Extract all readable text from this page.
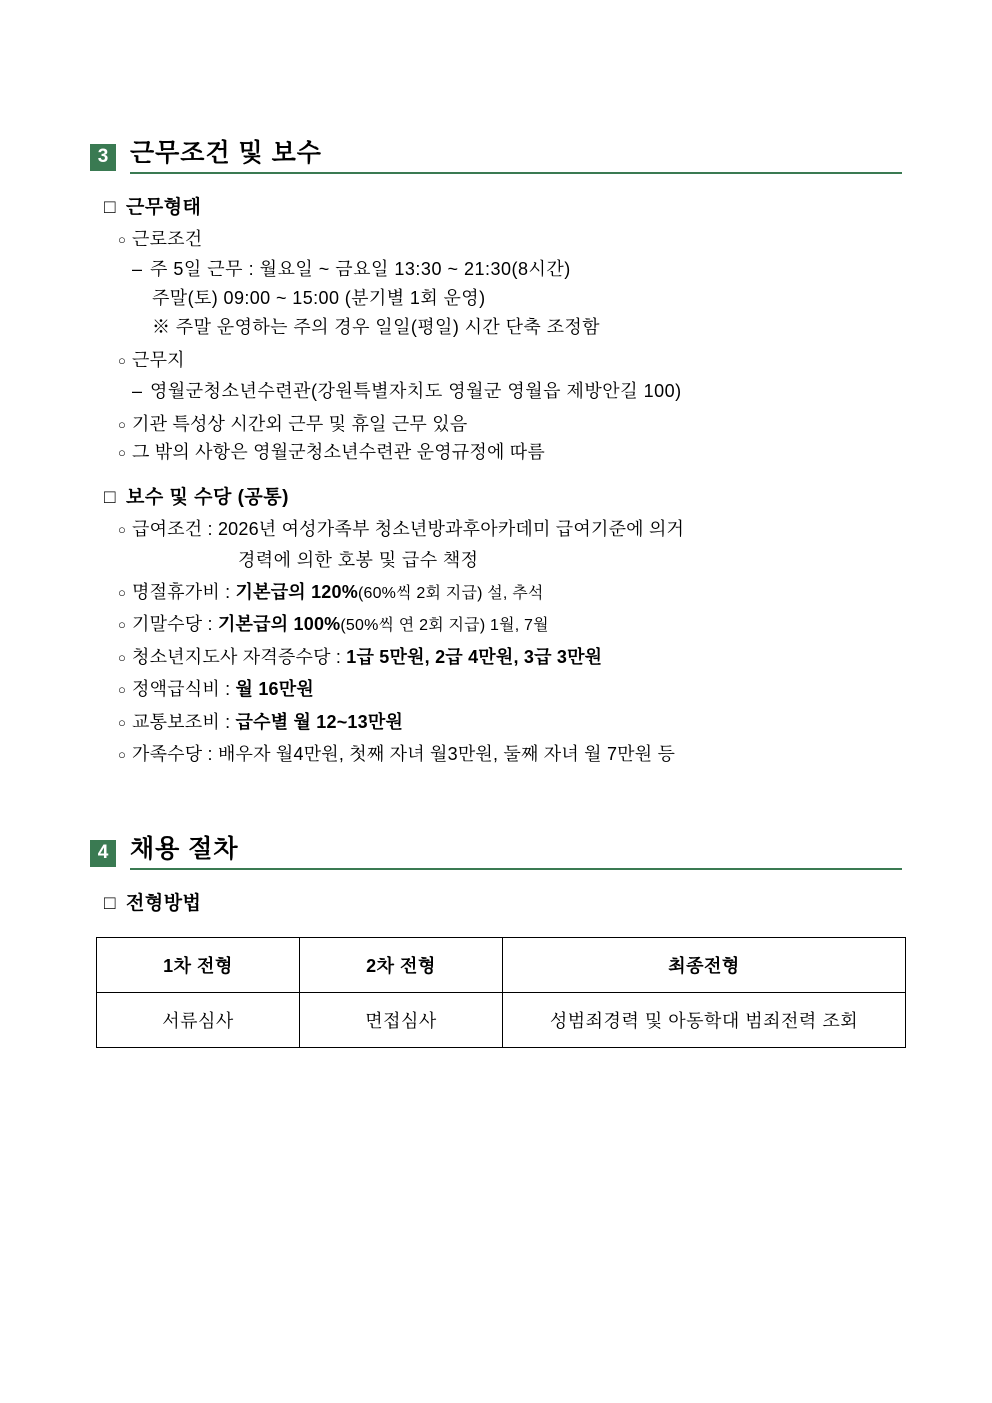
3 근무조건 및 보수
□ 근무형태
○ 근로조건
– 주 5일 근무 : 월요일 ~ 금요일 13:30 ~ 21:30(8시간)
주말(토) 09:00 ~ 15:00 (분기별 1회 운영)
※ 주말 운영하는 주의 경우 일일(평일) 시간 단축 조정함
○ 근무지
– 영월군청소년수련관(강원특별자치도 영월군 영월읍 제방안길 100)
○ 기관 특성상 시간외 근무 및 휴일 근무 있음
○ 그 밖의 사항은 영월군청소년수련관 운영규정에 따름
□ 보수 및 수당 (공통)
○ 급여조건 : 2026년 여성가족부 청소년방과후아카데미 급여기준에 의거
경력에 의한 호봉 및 급수 책정
○ 명절휴가비 : 기본급의 120%(60%씩 2회 지급) 설, 추석
○ 기말수당 : 기본급의 100%(50%씩 연 2회 지급) 1월, 7월
○ 청소년지도사 자격증수당 : 1급 5만원, 2급 4만원, 3급 3만원
○ 정액급식비 : 월 16만원
○ 교통보조비 : 급수별 월 12~13만원
○ 가족수당 : 배우자 월4만원, 첫째 자녀 월3만원, 둘째 자녀 월 7만원 등
4 채용 절차
□ 전형방법
1차 전형	2차 전형	최종전형
서류심사	면접심사	성범죄경력 및 아동학대 범죄전력 조회
